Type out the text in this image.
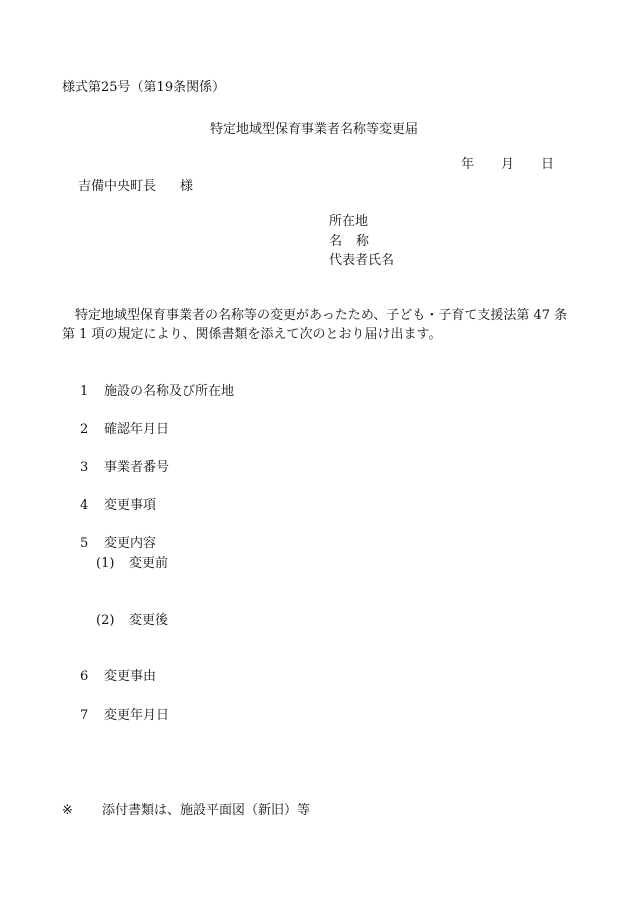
様式第25号（第19条関係）
特定地域型保育事業者名称等変更届
年 月 日
吉備中央町長 様
所在地
名 称
代表者氏名
特定地域型保育事業者の名称等の変更があったため、子ども・子育て支援法第 47 条
第 1 項の規定により、関係書類を添えて次のとおり届け出ます。
1 施設の名称及び所在地
2 確認年月日
3 事業者番号
4 変更事項
5 変更内容
(1) 変更前
(2) 変更後
6 変更事由
7 変更年月日
※ 添付書類は、施設平面図（新旧）等
